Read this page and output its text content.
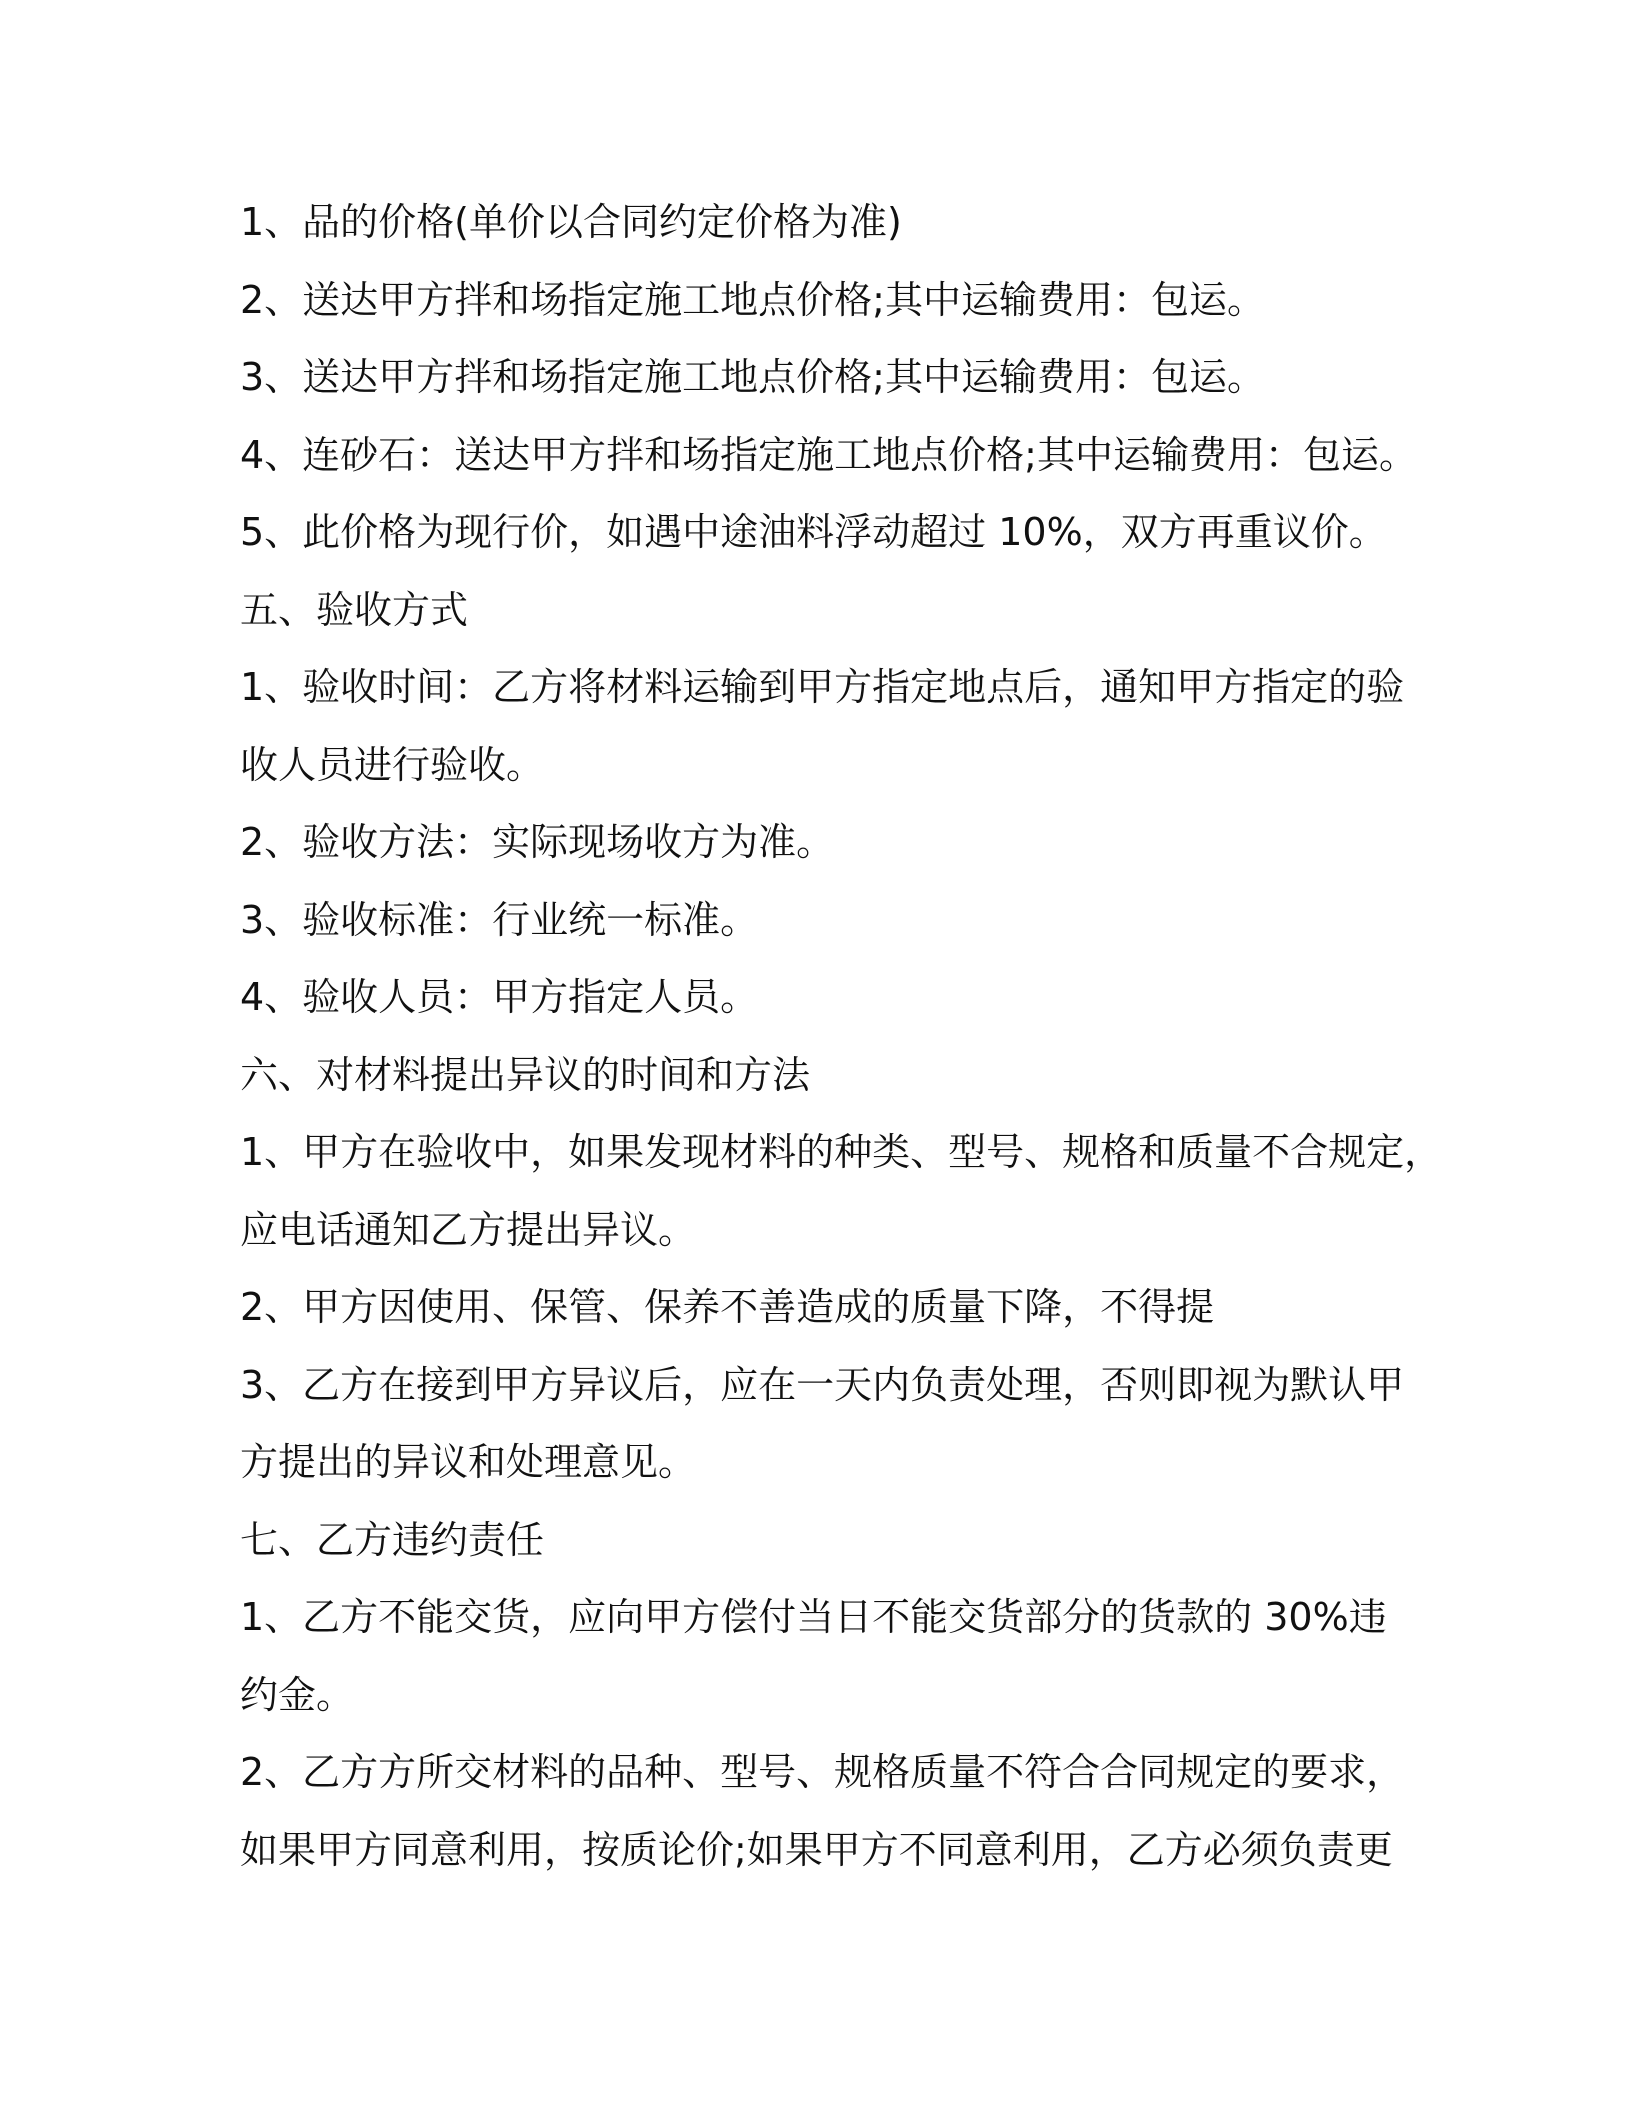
1、品的价格(单价以合同约定价格为准)
2、送达甲方拌和场指定施工地点价格;其中运输费用：包运。
3、送达甲方拌和场指定施工地点价格;其中运输费用：包运。
4、连砂石：送达甲方拌和场指定施工地点价格;其中运输费用：包运。
5、此价格为现行价，如遇中途油料浮动超过 10%，双方再重议价。
五、验收方式
1、验收时间：乙方将材料运输到甲方指定地点后，通知甲方指定的验
收人员进行验收。
2、验收方法：实际现场收方为准。
3、验收标准：行业统一标准。
4、验收人员：甲方指定人员。
六、对材料提出异议的时间和方法
1、甲方在验收中，如果发现材料的种类、型号、规格和质量不合规定，
应电话通知乙方提出异议。
2、甲方因使用、保管、保养不善造成的质量下降，不得提
3、乙方在接到甲方异议后，应在一天内负责处理，否则即视为默认甲
方提出的异议和处理意见。
七、乙方违约责任
1、乙方不能交货，应向甲方偿付当日不能交货部分的货款的 30%违
约金。
2、乙方方所交材料的品种、型号、规格质量不符合合同规定的要求，
如果甲方同意利用，按质论价;如果甲方不同意利用，乙方必须负责更
